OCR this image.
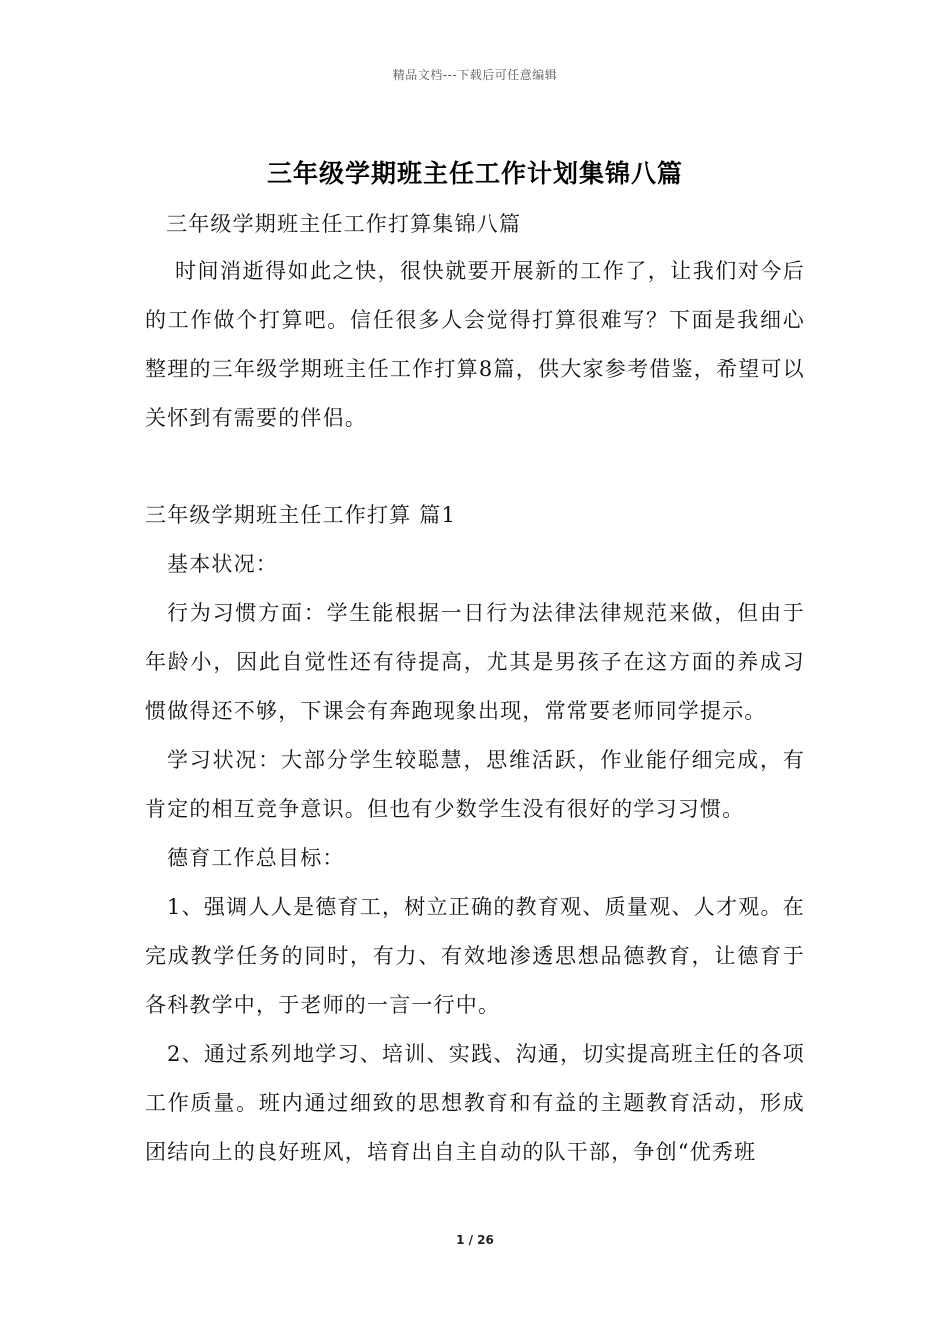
精品文档---下载后可任意编辑
三年级学期班主任工作计划集锦八篇

三年级学期班主任工作打算集锦八篇

时间消逝得如此之快，很快就要开展新的工作了，让我们对今后的工作做个打算吧。信任很多人会觉得打算很难写？下面是我细心整理的三年级学期班主任工作打算8篇，供大家参考借鉴，希望可以关怀到有需要的伴侣。

三年级学期班主任工作打算 篇1

基本状况：

行为习惯方面：学生能根据一日行为法律法律规范来做，但由于年龄小，因此自觉性还有待提高，尤其是男孩子在这方面的养成习惯做得还不够，下课会有奔跑现象出现，常常要老师同学提示。

学习状况：大部分学生较聪慧，思维活跃，作业能仔细完成，有肯定的相互竞争意识。但也有少数学生没有很好的学习习惯。

德育工作总目标：

1、强调人人是德育工，树立正确的教育观、质量观、人才观。在完成教学任务的同时，有力、有效地渗透思想品德教育，让德育于各科教学中，于老师的一言一行中。

2、通过系列地学习、培训、实践、沟通，切实提高班主任的各项工作质量。班内通过细致的思想教育和有益的主题教育活动，形成团结向上的良好班风，培育出自主自动的队干部，争创“优秀班

1 / 26
